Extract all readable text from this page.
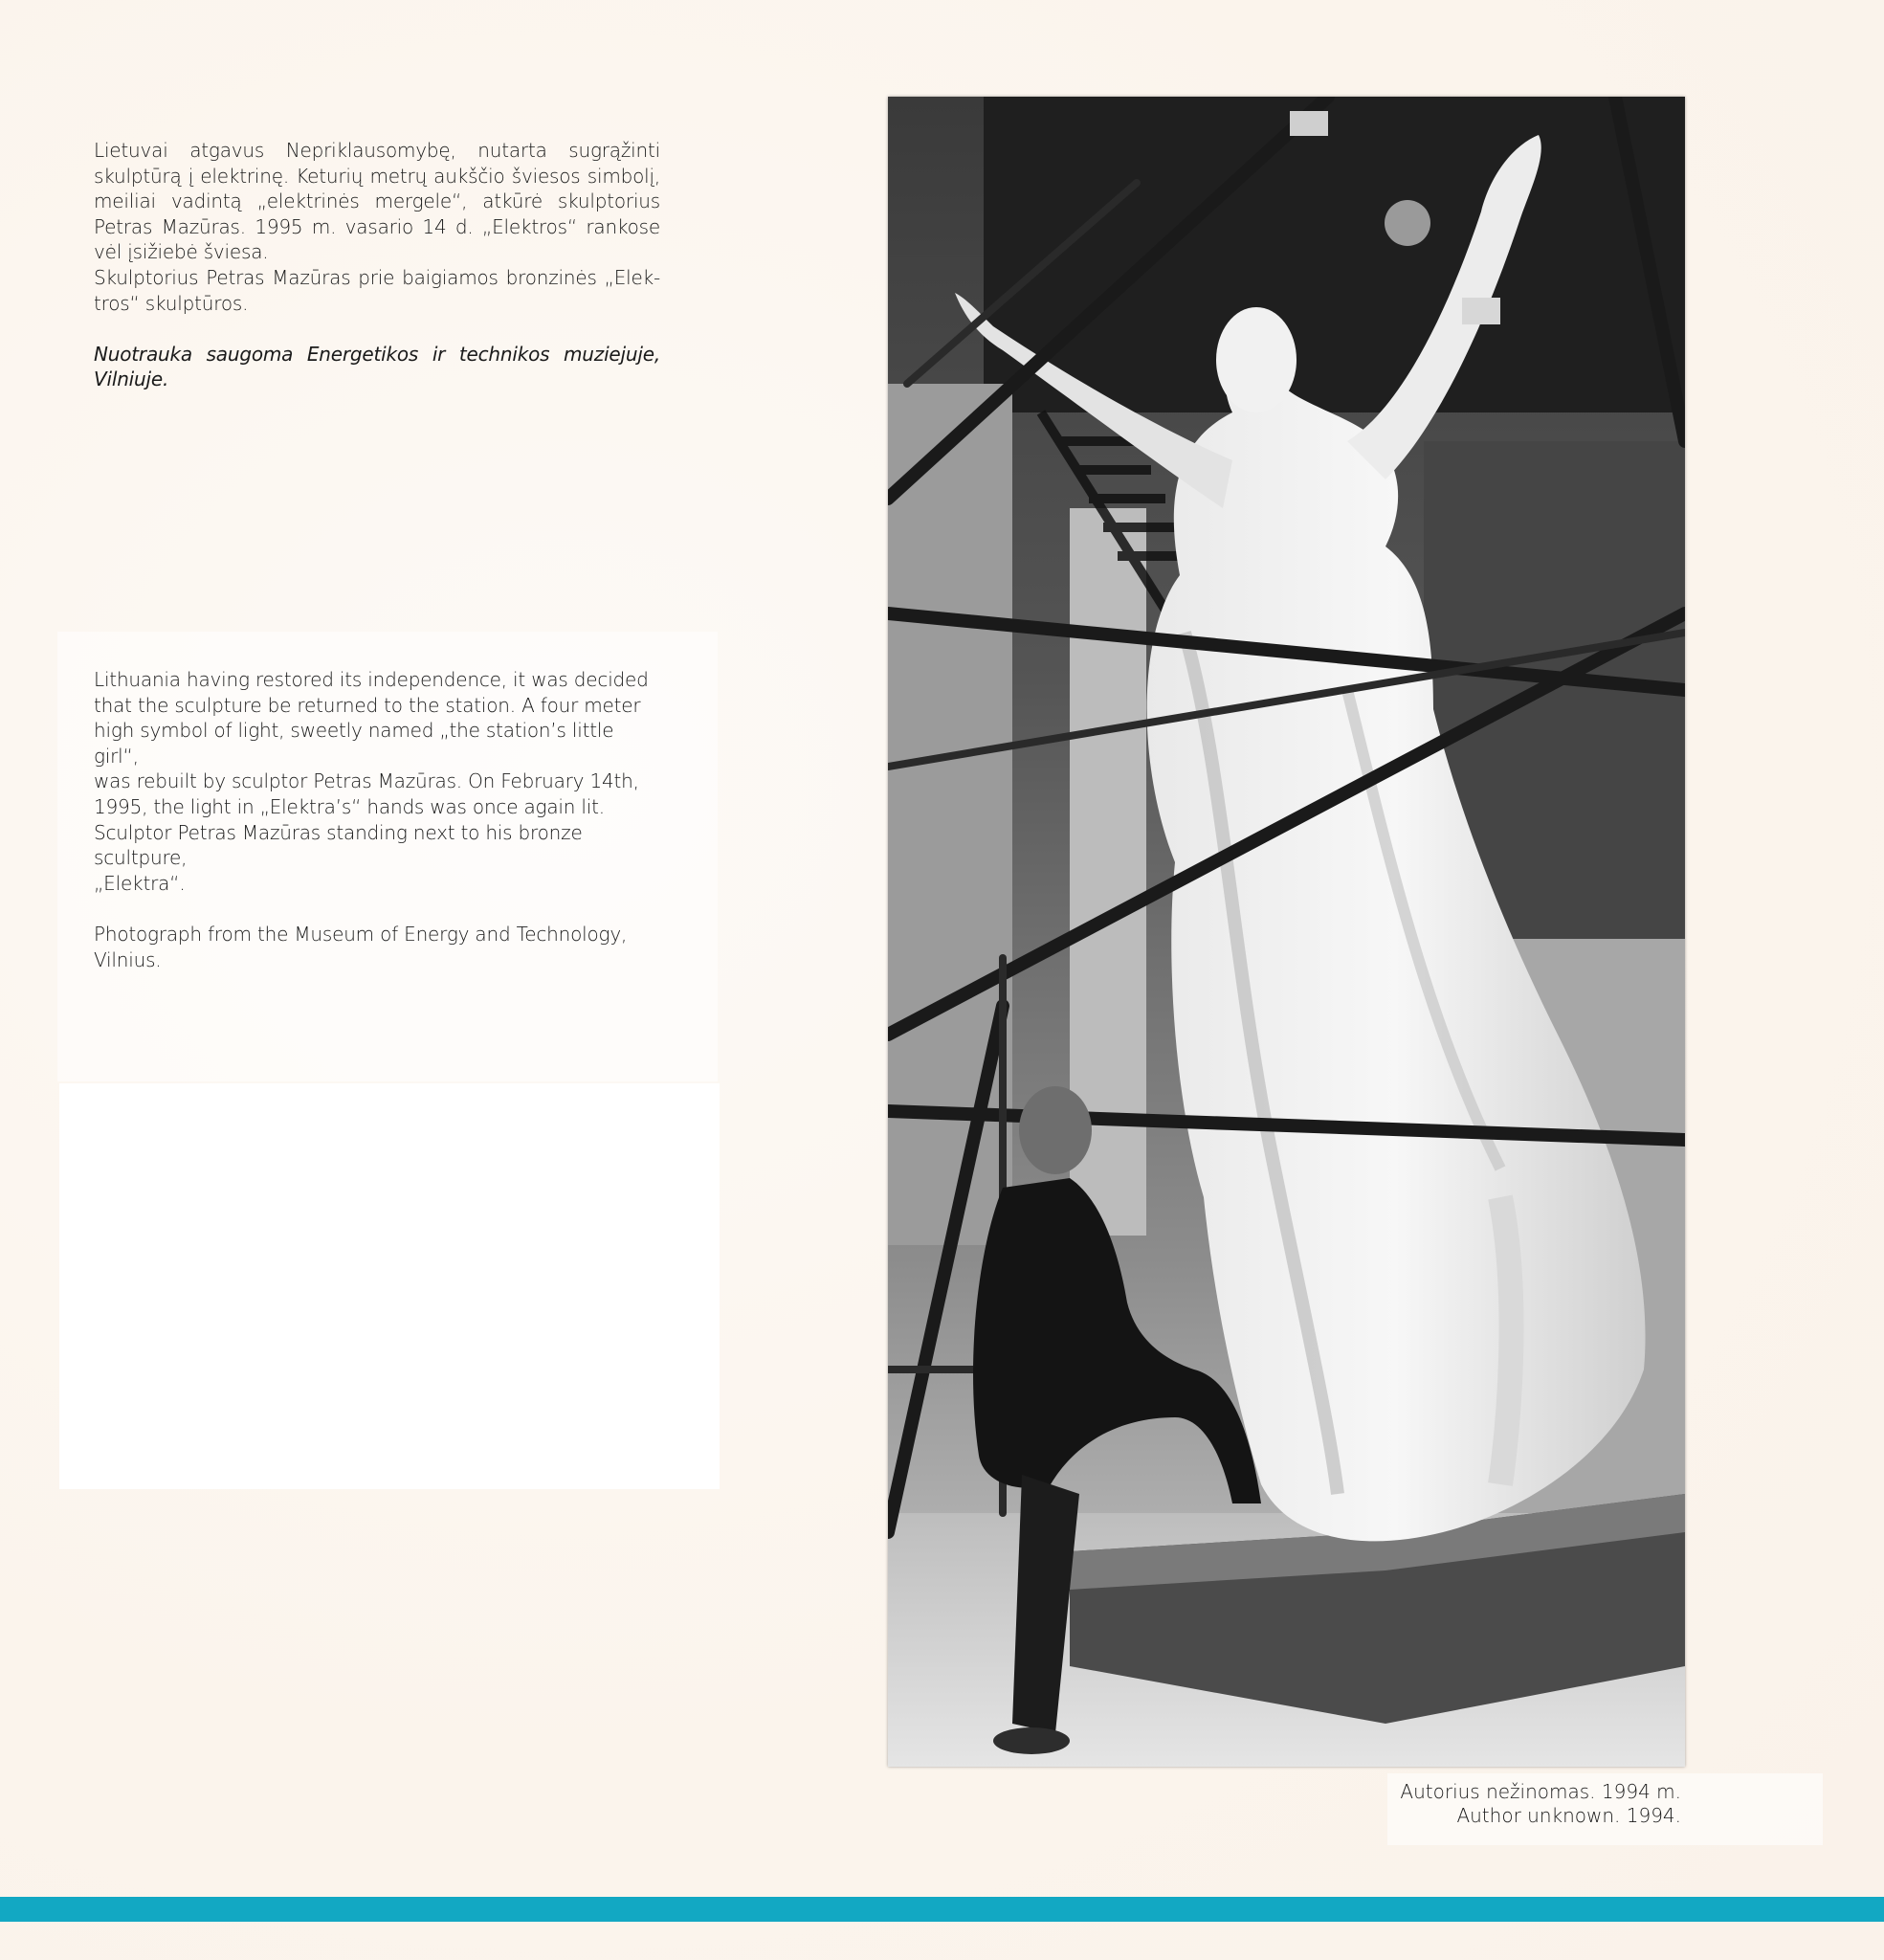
Lietuvai atgavus Nepriklausomybę, nutarta sugrąžinti skulptūrą į elektrinę. Keturių metrų aukščio šviesos simbolį, meiliai vadintą „elektrinės mergele“, atkūrė skulptorius Petras Mazūras. 1995 m. vasario 14 d. „Elektros“ rankose vėl įsižiebė šviesa.

Skulptorius Petras Mazūras prie baigiamos bronzinės „Elek-tros“ skulptūros.

Nuotrauka saugoma Energetikos ir technikos muziejuje, Vilniuje.

Lithuania having restored its independence, it was decided

that the sculpture be returned to the station. A four meter

high symbol of light, sweetly named „the station’s little girl“,

was rebuilt by sculptor Petras Mazūras. On February 14th,

1995, the light in „Elektra’s“ hands was once again lit.

Sculptor Petras Mazūras standing next to his bronze scultpure,

„Elektra“.

Photograph from the Museum of Energy and Technology,

Vilnius.

Autorius nežinomas. 1994 m.
Author unknown. 1994.
